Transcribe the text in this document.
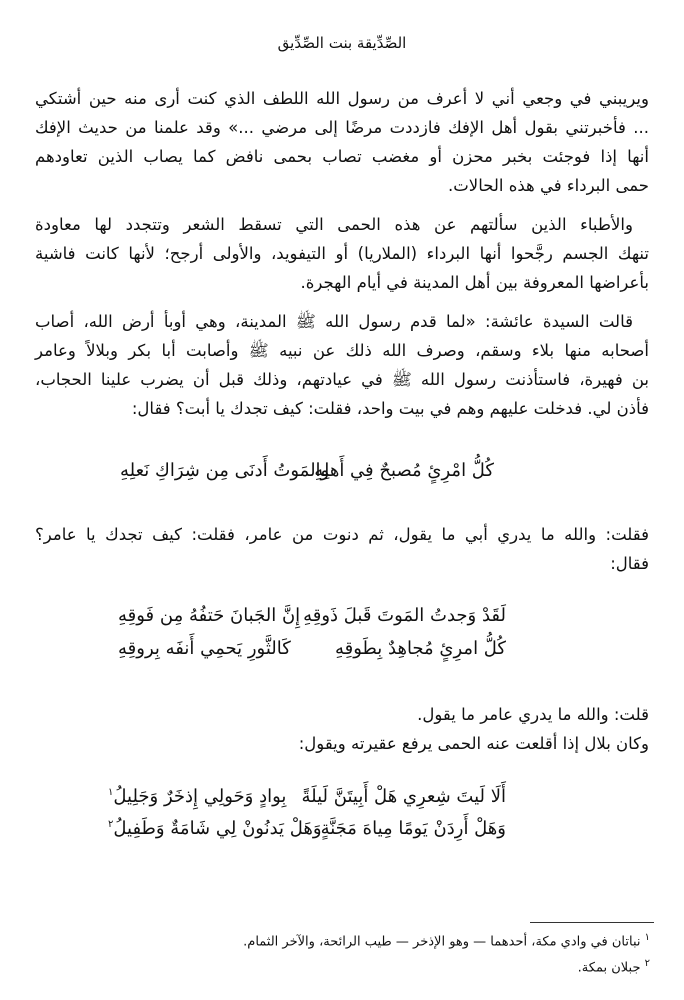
الصِّدِّيقة بنت الصِّدِّيق
ويريبني في وجعي أني لا أعرف من رسول الله اللطف الذي كنت أرى منه حين أشتكي
... فأخبرتني بقول أهل الإفك فازددت مرضًا إلى مرضي ...» وقد علمنا من حديث الإفك
أنها إذا فوجئت بخبر محزن أو مغضب تصاب بحمى نافض كما يصاب الذين تعاودهم
حمى البرداء في هذه الحالات.
والأطباء الذين سألتهم عن هذه الحمى التي تسقط الشعر وتتجدد لها معاودة
تنهك الجسم رجَّحوا أنها البرداء (الملاريا) أو التيفويد، والأولى أرجح؛ لأنها كانت فاشية
بأعراضها المعروفة بين أهل المدينة في أيام الهجرة.
قالت السيدة عائشة: «لما قدم رسول الله ﷺ المدينة، وهي أوبأ أرض الله، أصاب
أصحابه منها بلاء وسقم، وصرف الله ذلك عن نبيه ﷺ وأصابت أبا بكر وبلالاً وعامر
بن فهيرة، فاستأذنت رسول الله ﷺ في عيادتهم، وذلك قبل أن يضرب علينا الحجاب،
فأذن لي. فدخلت عليهم وهم في بيت واحد، فقلت: كيف تجدك يا أبت؟ فقال:
كُلُّ امْرِئٍ مُصبحٌ فِي أَهلِهِ
والمَوتُ أَدنَى مِن شِرَاكِ نَعلِهِ
فقلت: والله ما يدري أبي ما يقول، ثم دنوت من عامر، فقلت: كيف تجدك يا عامر؟
فقال:
لَقَدْ وَجدتُ المَوتَ قَبلَ ذَوقِهِ
إِنَّ الجَبانَ حَتفُهُ مِن فَوقِهِ
كُلُّ امرِئٍ مُجاهِدٌ بِطَوقِهِ
كَالثَّورِ يَحمِي أَنفَه بِروقِهِ
قلت: والله ما يدري عامر ما يقول.
وكان بلال إذا أقلعت عنه الحمى يرفع عقيرته ويقول:
أَلَا لَيتَ شِعرِي هَلْ أَبِيتَنَّ لَيلَةً
بِوادٍ وَحَولِي إِذخَرٌ وَجَلِيلُ$^١$
وَهَلْ أَرِدَنْ يَومًا مِياهَ مَجَنَّةٍ
وَهَلْ يَدنُونْ لِي شَامَةٌ وَطَفِيلُ$^٢$
$^١$ نباتان في وادي مكة، أحدهما — وهو الإذخر — طيب الرائحة، والآخر الثمام.
$^٢$ جبلان بمكة.
